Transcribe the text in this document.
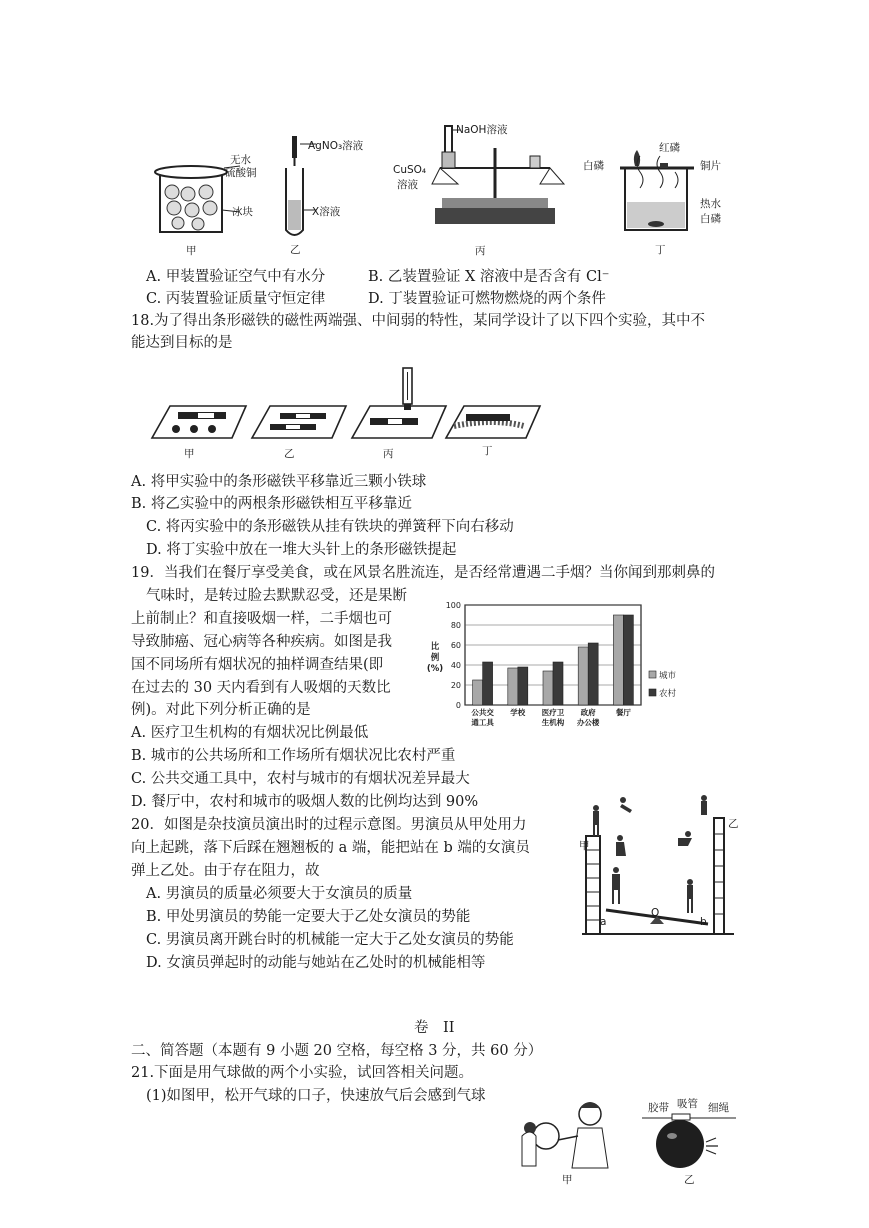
无水
硫酸铜
冰块
甲
AgNO₃溶液
X溶液
乙
NaOH溶液
CuSO₄
溶液
丙
白磷
红磷
铜片
热水
白磷
丁
A. 甲装置验证空气中有水分	B. 乙装置验证 X 溶液中是否含有 Cl⁻
C. 丙装置验证质量守恒定律	D. 丁装置验证可燃物燃烧的两个条件
18.为了得出条形磁铁的磁性两端强、中间弱的特性，某同学设计了以下四个实验，其中不
能达到目标的是
甲	乙	丙	丁
A. 将甲实验中的条形磁铁平移靠近三颗小铁球
B. 将乙实验中的两根条形磁铁相互平移靠近
C. 将丙实验中的条形磁铁从挂有铁块的弹簧秤下向右移动
D. 将丁实验中放在一堆大头针上的条形磁铁提起
19．当我们在餐厅享受美食，或在风景名胜流连，是否经常遭遇二手烟？当你闻到那刺鼻的
气味时，是转过脸去默默忍受，还是果断
上前制止？和直接吸烟一样，二手烟也可
导致肺癌、冠心病等各种疾病。如图是我
国不同场所有烟状况的抽样调查结果(即
在过去的 30 天内看到有人吸烟的天数比
例)。对此下列分析正确的是
A. 医疗卫生机构的有烟状况比例最低
B. 城市的公共场所和工作场所有烟状况比农村严重
C. 公共交通工具中，农村与城市的有烟状况差异最大
D. 餐厅中，农村和城市的吸烟人数的比例均达到 90%
0
20
40
60
80
100
比
例
(%)
公共交
通工具
学校 医疗卫
生机构
政府
办公楼
餐厅
城市
农村
20．如图是杂技演员演出时的过程示意图。男演员从甲处用力
向上起跳，落下后踩在翘翘板的 a 端，能把站在 b 端的女演员
弹上乙处。由于存在阻力，故
A. 男演员的质量必须要大于女演员的质量
B. 甲处男演员的势能一定要大于乙处女演员的势能
C. 男演员离开跳台时的机械能一定大于乙处女演员的势能
D. 女演员弹起时的动能与她站在乙处时的机械能相等
甲
乙
a
O
b
卷　II
二、简答题（本题有 9 小题 20 空格，每空格 3 分，共 60 分）
21.下面是用气球做的两个小实验，试回答相关问题。
(1)如图甲，松开气球的口子，快速放气后会感到气球
甲
胶带 吸管 细绳
乙
